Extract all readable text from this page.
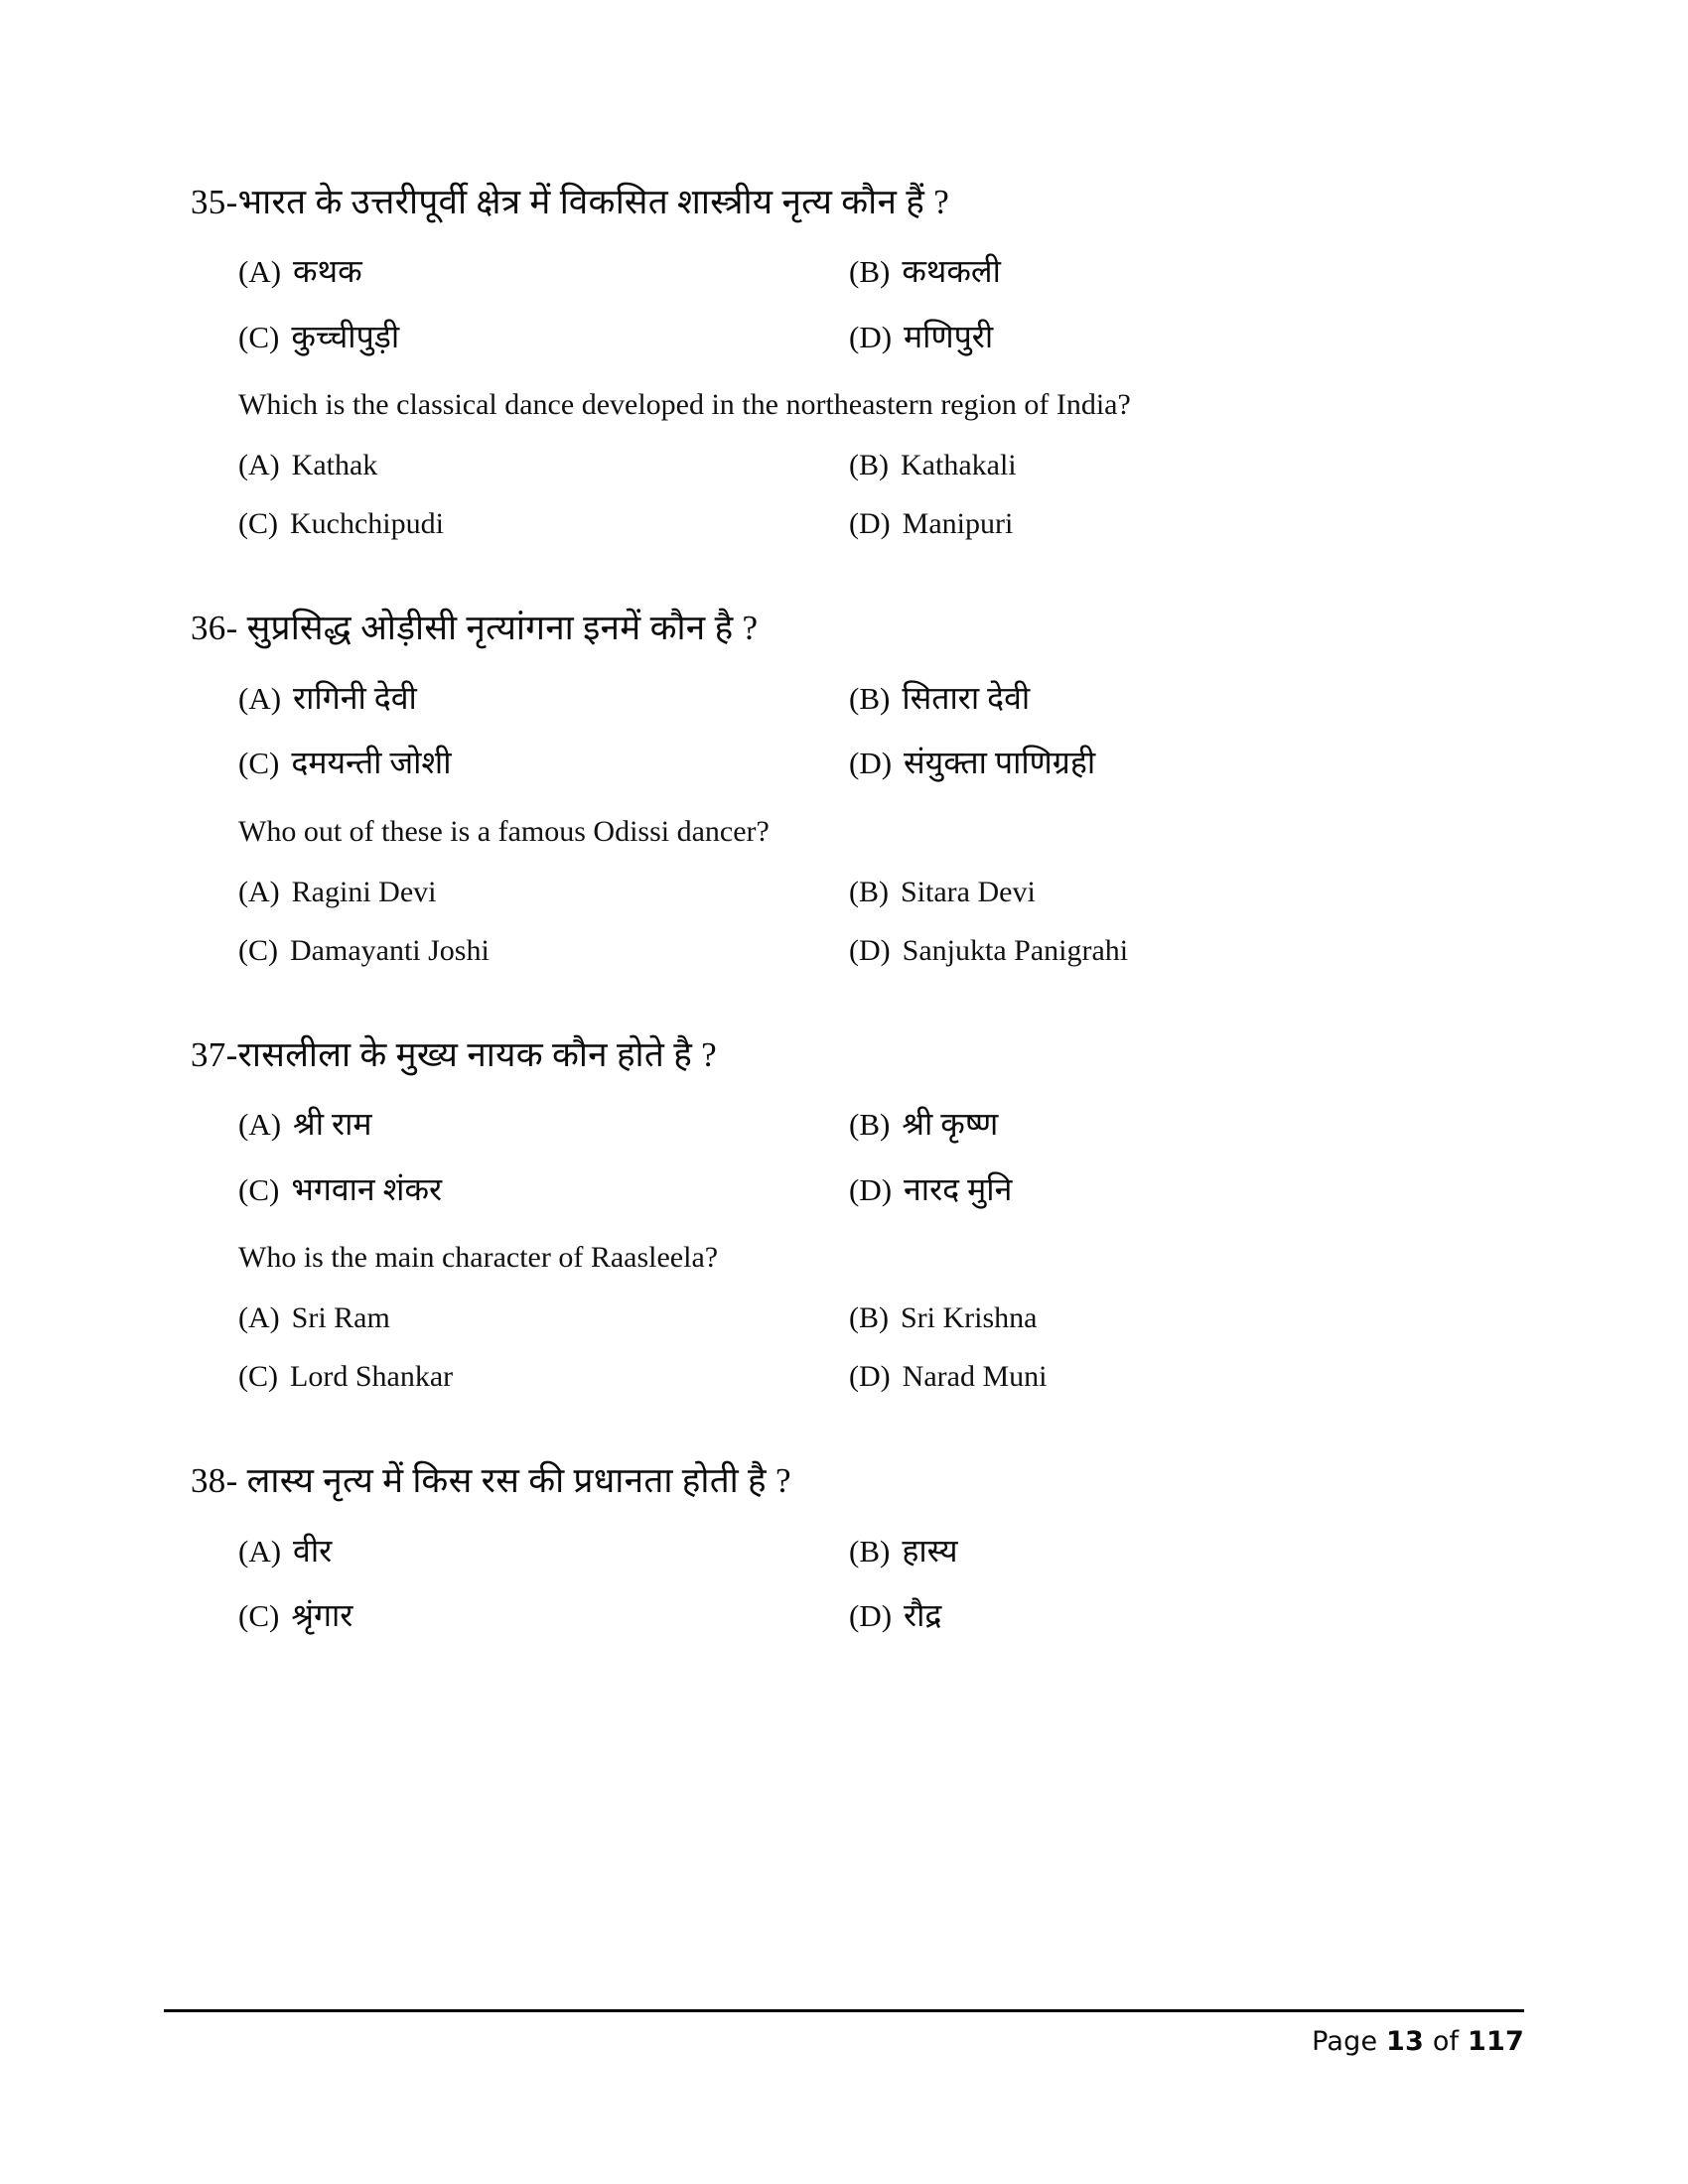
35-भारत के उत्तरीपूर्वी क्षेत्र में विकसित शास्त्रीय नृत्य कौन हैं ?
(A) कथक	(B) कथकली
(C) कुच्चीपुड़ी	(D) मणिपुरी
Which is the classical dance developed in the northeastern region of India?
(A) Kathak	(B) Kathakali
(C) Kuchchipudi	(D) Manipuri
36- सुप्रसिद्ध ओड़ीसी नृत्यांगना इनमें कौन है ?
(A) रागिनी देवी	(B) सितारा देवी
(C) दमयन्ती जोशी	(D) संयुक्ता पाणिग्रही
Who out of these is a famous Odissi dancer?
(A) Ragini Devi	(B) Sitara Devi
(C) Damayanti Joshi	(D) Sanjukta Panigrahi
37-रासलीला के मुख्य नायक कौन होते है ?
(A) श्री राम	(B) श्री कृष्ण
(C) भगवान शंकर	(D) नारद मुनि
Who is the main character of Raasleela?
(A) Sri Ram	(B) Sri Krishna
(C) Lord Shankar	(D) Narad Muni
38- लास्य नृत्य में किस रस की प्रधानता होती है ?
(A) वीर	(B) हास्य
(C) श्रृंगार	(D) रौद्र
Page 13 of 117
